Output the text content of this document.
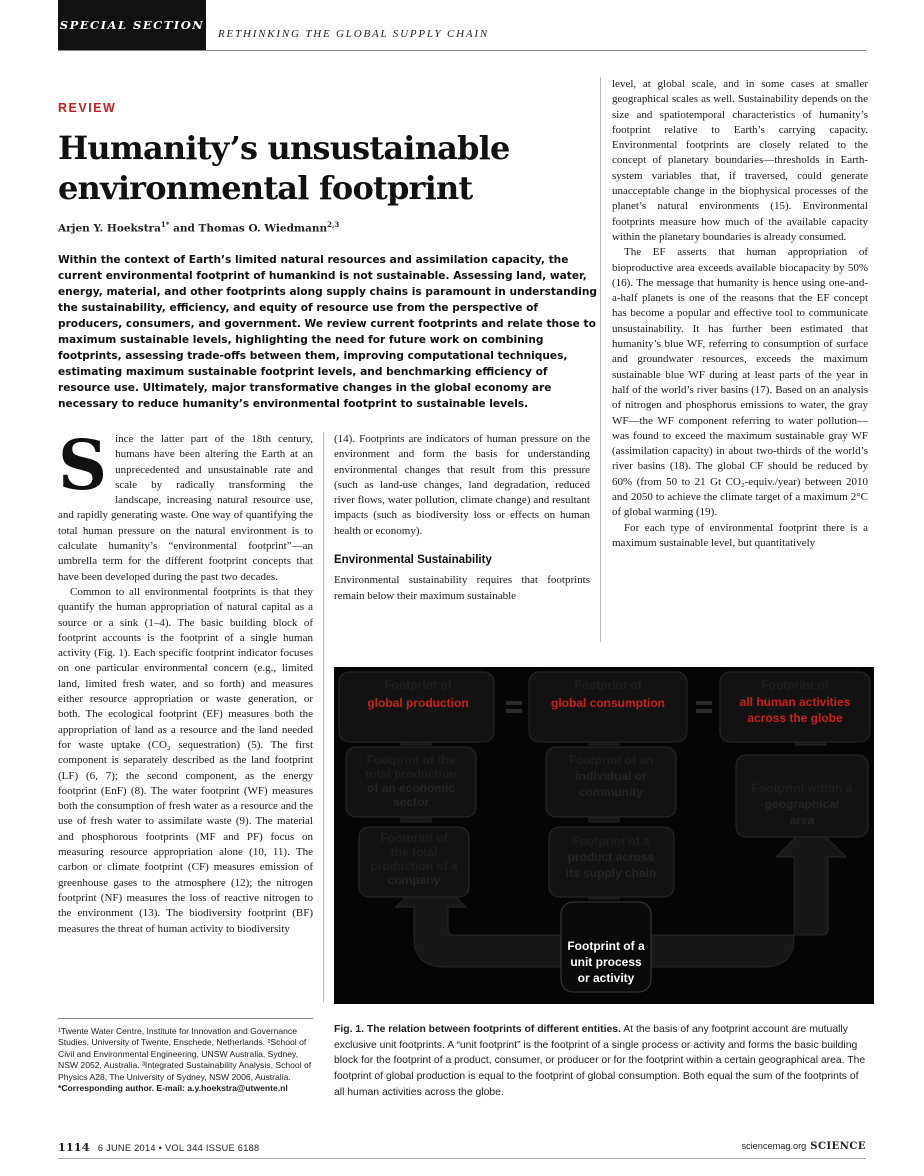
SPECIAL SECTION
RETHINKING THE GLOBAL SUPPLY CHAIN
REVIEW
Humanity’s unsustainable environmental footprint
Arjen Y. Hoekstra$^{1*}$ and Thomas O. Wiedmann$^{2,3}$
Within the context of Earth’s limited natural resources and assimilation capacity, the current environmental footprint of humankind is not sustainable. Assessing land, water, energy, material, and other footprints along supply chains is paramount in understanding the sustainability, efficiency, and equity of resource use from the perspective of producers, consumers, and government. We review current footprints and relate those to maximum sustainable levels, highlighting the need for future work on combining footprints, assessing trade-offs between them, improving computational techniques, estimating maximum sustainable footprint levels, and benchmarking efficiency of resource use. Ultimately, major transformative changes in the global economy are necessary to reduce humanity’s environmental footprint to sustainable levels.

Since the latter part of the 18th century, humans have been altering the Earth at an unprecedented and unsustainable rate and scale by radically transforming the landscape, increasing natural resource use, and rapidly generating waste. One way of quantifying the total human pressure on the natural environment is to calculate humanity’s “environmental footprint”—an umbrella term for the different footprint concepts that have been developed during the past two decades.

Common to all environmental footprints is that they quantify the human appropriation of natural capital as a source or a sink (1–4). The basic building block of footprint accounts is the footprint of a single human activity (Fig. 1). Each specific footprint indicator focuses on one particular environmental concern (e.g., limited land, limited fresh water, and so forth) and measures either resource appropriation or waste generation, or both. The ecological footprint (EF) measures both the appropriation of land as a resource and the land needed for waste uptake (CO₂ sequestration) (5). The first component is separately described as the land footprint (LF) (6, 7); the second component, as the energy footprint (EnF) (8). The water footprint (WF) measures both the consumption of fresh water as a resource and the use of fresh water to assimilate waste (9). The material and phosphorous footprints (MF and PF) focus on measuring resource appropriation alone (10, 11). The carbon or climate footprint (CF) measures emission of greenhouse gases to the atmosphere (12); the nitrogen footprint (NF) measures the loss of reactive nitrogen to the environment (13). The biodiversity footprint (BF) measures the threat of human activity to biodiversity

(14). Footprints are indicators of human pressure on the environment and form the basis for understanding environmental changes that result from this pressure (such as land-use changes, land degradation, reduced river flows, water pollution, climate change) and resultant impacts (such as biodiversity loss or effects on human health or economy).

Environmental Sustainability

Environmental sustainability requires that footprints remain below their maximum sustainable

level, at global scale, and in some cases at smaller geographical scales as well. Sustainability depends on the size and spatiotemporal characteristics of humanity’s footprint relative to Earth’s carrying capacity. Environmental footprints are closely related to the concept of planetary boundaries—thresholds in Earth-system variables that, if traversed, could generate unacceptable change in the biophysical processes of the planet’s natural environments (15). Environmental footprints measure how much of the available capacity within the planetary boundaries is already consumed.

The EF asserts that human appropriation of bioproductive area exceeds available biocapacity by 50% (16). The message that humanity is hence using one-and-a-half planets is one of the reasons that the EF concept has become a popular and effective tool to communicate unsustainability. It has further been estimated that humanity’s blue WF, referring to consumption of surface and groundwater resources, exceeds the maximum sustainable blue WF during at least parts of the year in half of the world’s river basins (17). Based on an analysis of nitrogen and phosphorus emissions to water, the gray WF—the WF component referring to water pollution—was found to exceed the maximum sustainable gray WF (assimilation capacity) in about two-thirds of the world’s river basins (18). The global CF should be reduced by 60% (from 50 to 21 Gt CO₂-equiv./year) between 2010 and 2050 to achieve the climate target of a maximum 2°C of global warming (19).

For each type of environmental footprint there is a maximum sustainable level, but quantitatively

¹Twente Water Centre, Institute for Innovation and Governance Studies, University of Twente, Enschede, Netherlands. ²School of Civil and Environmental Engineering, UNSW Australia, Sydney, NSW 2052, Australia. ³Integrated Sustainability Analysis, School of Physics A28, The University of Sydney, NSW 2006, Australia.
*Corresponding author. E-mail: a.y.hoekstra@utwente.nl
Footprint of
global production
Footprint of
global consumption
Footprint of
all human activities
across the globe
Footprint of the
total production
of an economic
sector
Footprint of an
individual or
community	Footprint within a
geographical
area
Footprint of
the total
production of a
company
Footprint of a
product across
its supply chain
Footprint of a
unit process
or activity
Fig. 1. The relation between footprints of different entities. At the basis of any footprint account are mutually exclusive unit footprints. A “unit footprint” is the footprint of a single process or activity and forms the basic building block for the footprint of a product, consumer, or producer or for the footprint within a certain geographical area. The footprint of global production is equal to the footprint of global consumption. Both equal the sum of the footprints of all human activities across the globe.
1114 6 JUNE 2014 • VOL 344 ISSUE 6188	sciencemag.org SCIENCE
